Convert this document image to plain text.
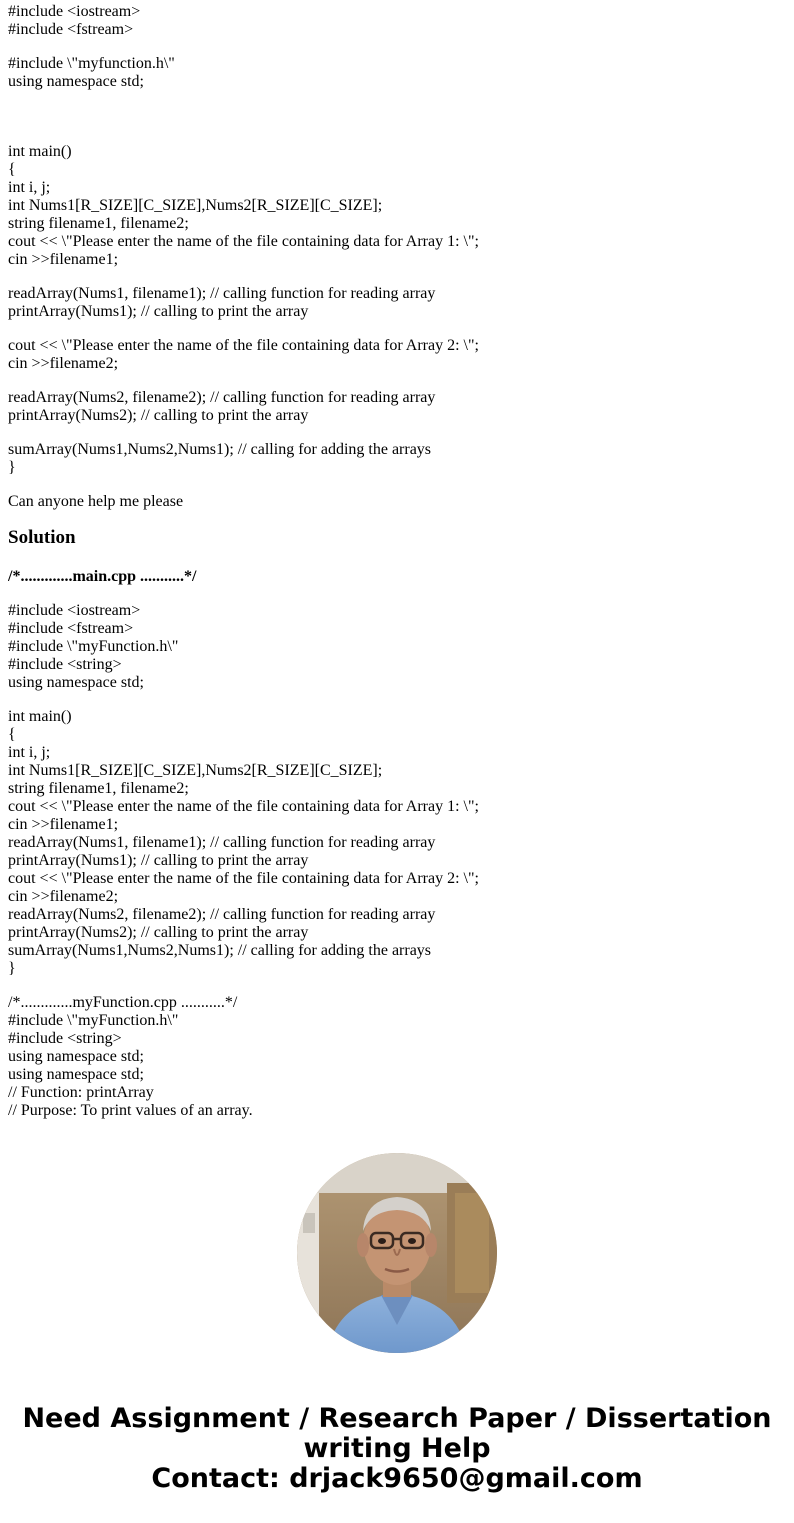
#include <iostream>
#include <fstream>

#include \"myfunction.h\"
using namespace std;

int main()
{
int i, j;
int Nums1[R_SIZE][C_SIZE],Nums2[R_SIZE][C_SIZE];
string filename1, filename2;
cout << \"Please enter the name of the file containing data for Array 1: \";
cin >>filename1;

readArray(Nums1, filename1); // calling function for reading array
printArray(Nums1); // calling to print the array

cout << \"Please enter the name of the file containing data for Array 2: \";
cin >>filename2;

readArray(Nums2, filename2); // calling function for reading array
printArray(Nums2); // calling to print the array

sumArray(Nums1,Nums2,Nums1); // calling for adding the arrays
}

Can anyone help me please

Solution

/*.............main.cpp ...........*/

#include <iostream>
#include <fstream>
#include \"myFunction.h\"
#include <string>
using namespace std;

int main()
{
int i, j;
int Nums1[R_SIZE][C_SIZE],Nums2[R_SIZE][C_SIZE];
string filename1, filename2;
cout << \"Please enter the name of the file containing data for Array 1: \";
cin >>filename1;
readArray(Nums1, filename1); // calling function for reading array
printArray(Nums1); // calling to print the array
cout << \"Please enter the name of the file containing data for Array 2: \";
cin >>filename2;
readArray(Nums2, filename2); // calling function for reading array
printArray(Nums2); // calling to print the array
sumArray(Nums1,Nums2,Nums1); // calling for adding the arrays
}

/*.............myFunction.cpp ...........*/
#include \"myFunction.h\"
#include <string>
using namespace std;
using namespace std;
// Function: printArray
// Purpose: To print values of an array.

Need Assignment / Research Paper / Dissertation
writing Help
Contact: drjack9650@gmail.com
